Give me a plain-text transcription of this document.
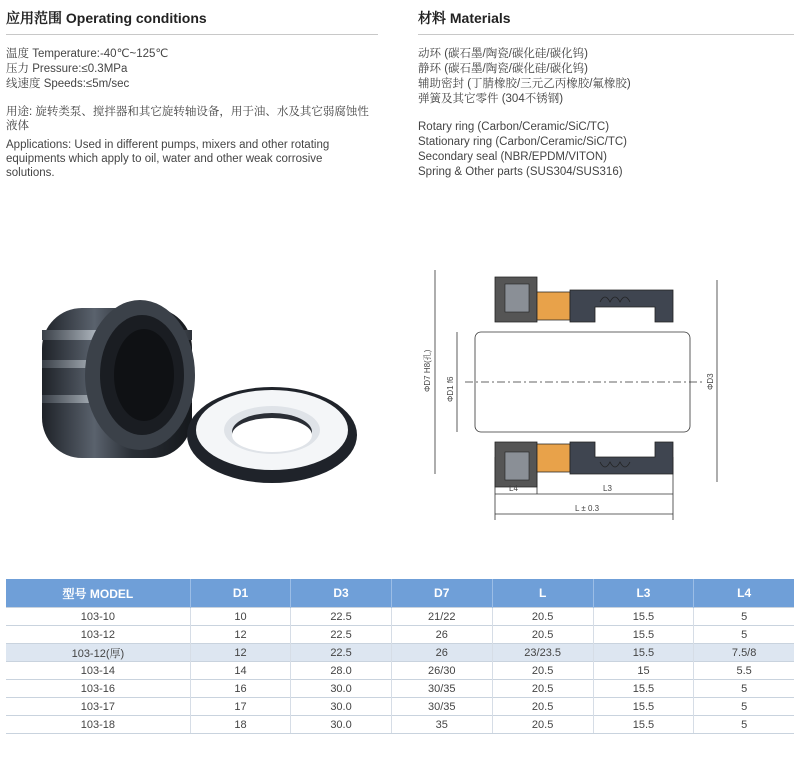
应用范围 Operating conditions
温度 Temperature:-40℃~125℃
压力 Pressure:≤0.3MPa
线速度 Speeds:≤5m/sec
用途: 旋转类泵、搅拌器和其它旋转轴设备，用于油、水及其它弱腐蚀性液体
Applications: Used in different pumps, mixers and other rotating equipments which apply to oil, water and other weak corrosive solutions.
材料 Materials
动环 (碳石墨/陶瓷/碳化硅/碳化钨)
静环 (碳石墨/陶瓷/碳化硅/碳化钨)
辅助密封 (丁腈橡胶/三元乙丙橡胶/氟橡胶)
弹簧及其它零件 (304不锈钢)
Rotary ring (Carbon/Ceramic/SiC/TC)
Stationary ring (Carbon/Ceramic/SiC/TC)
Secondary seal (NBR/EPDM/VITON)
Spring & Other parts (SUS304/SUS316)
ΦD7 H8(孔) ΦD1 f6	ΦD3
L4	L3
L ± 0.3
型号 MODEL	D1	D3	D7	L	L3	L4
103-10	10	22.5	21/22	20.5	15.5	5
103-12	12	22.5	26	20.5	15.5	5
103-12(厚)	12	22.5	26	23/23.5	15.5	7.5/8
103-14	14	28.0	26/30	20.5	15	5.5
103-16	16	30.0	30/35	20.5	15.5	5
103-17	17	30.0	30/35	20.5	15.5	5
103-18	18	30.0	35	20.5	15.5	5
